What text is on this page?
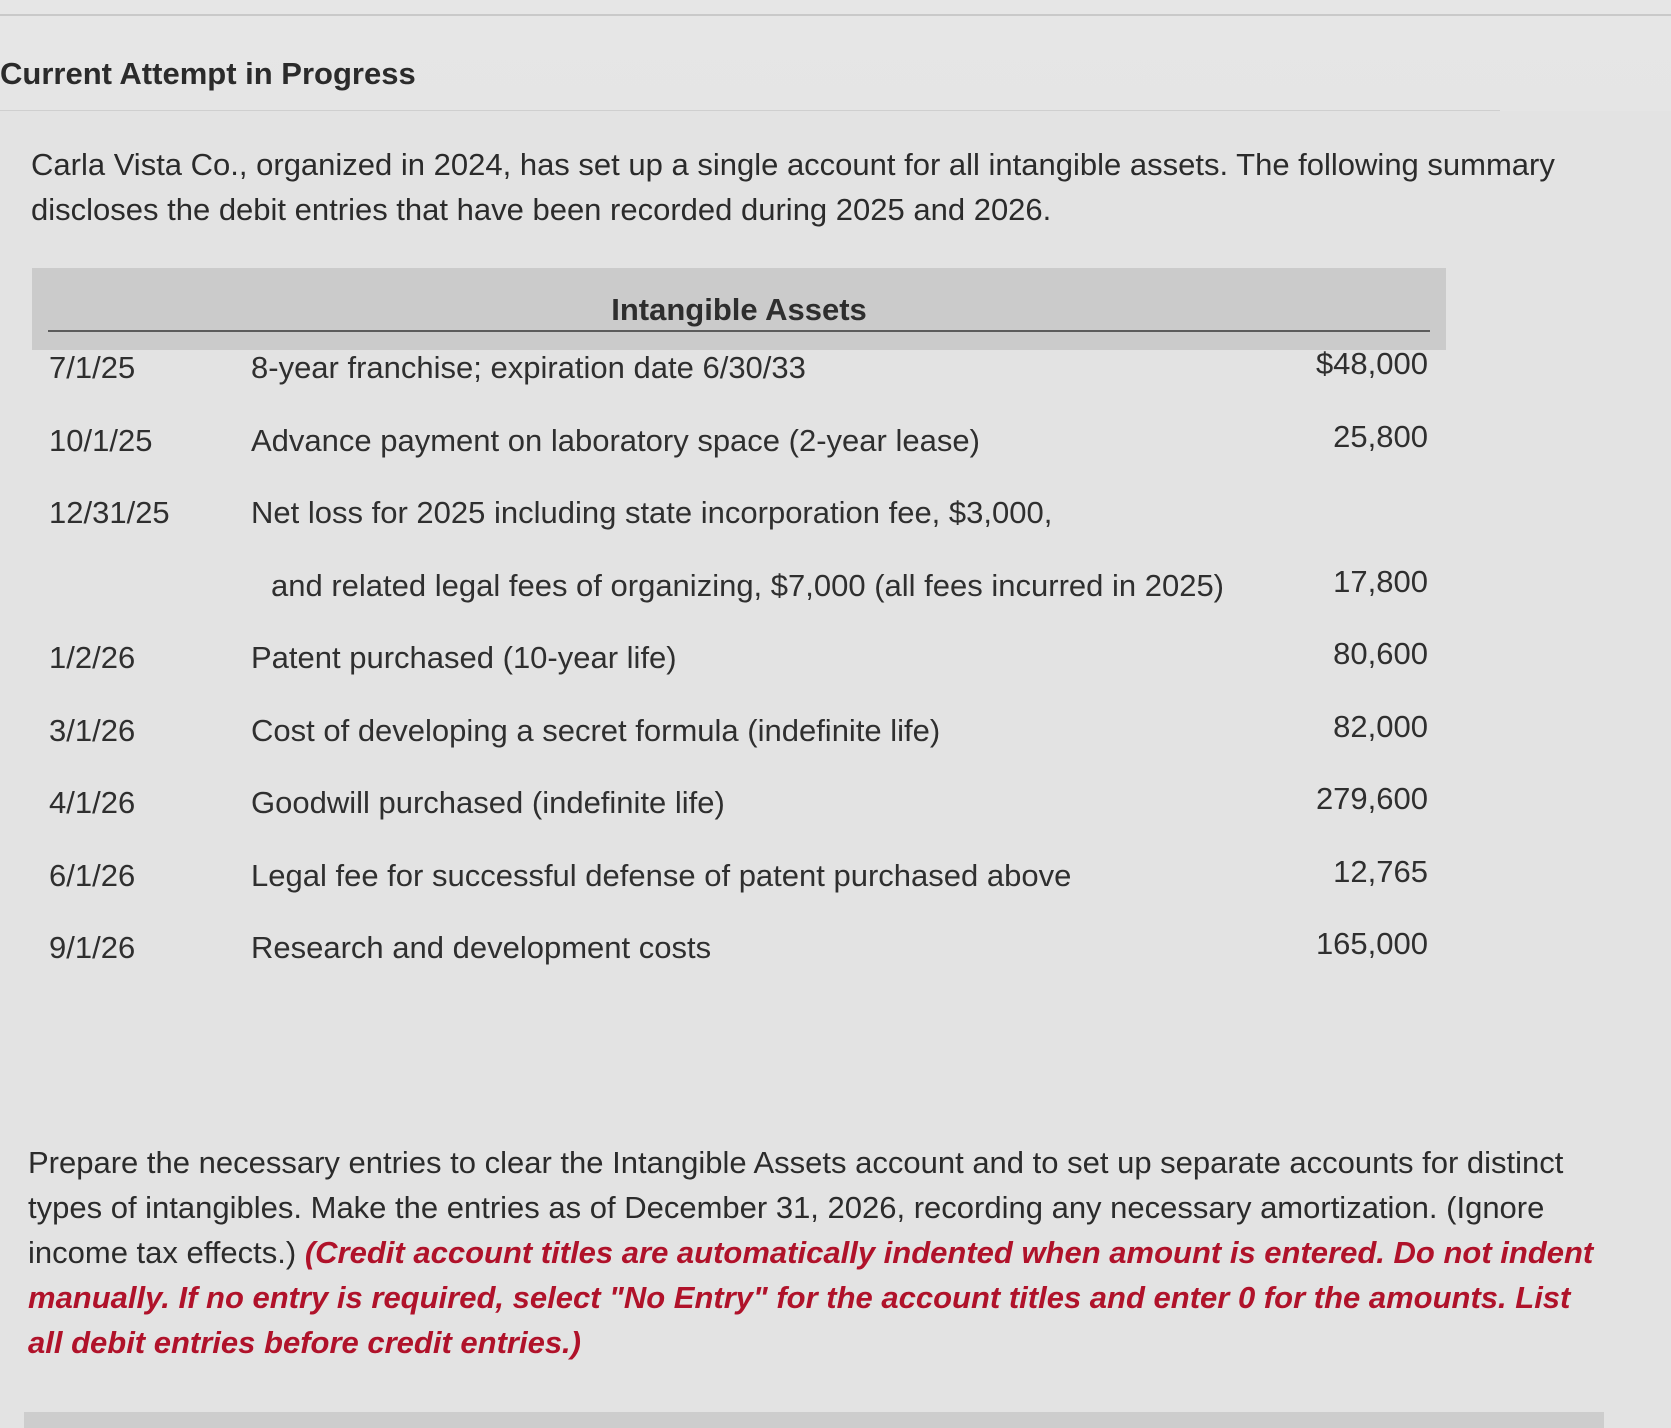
Current Attempt in Progress
Carla Vista Co., organized in 2024, has set up a single account for all intangible assets. The following summary discloses the debit entries that have been recorded during 2025 and 2026.
Intangible Assets
7/1/25	8-year franchise; expiration date 6/30/33	$48,000
10/1/25	Advance payment on laboratory space (2-year lease)	25,800
12/31/25	Net loss for 2025 including state incorporation fee, $3,000,
and related legal fees of organizing, $7,000 (all fees incurred in 2025)	17,800
1/2/26	Patent purchased (10-year life)	80,600
3/1/26	Cost of developing a secret formula (indefinite life)	82,000
4/1/26	Goodwill purchased (indefinite life)	279,600
6/1/26	Legal fee for successful defense of patent purchased above	12,765
9/1/26	Research and development costs	165,000
Prepare the necessary entries to clear the Intangible Assets account and to set up separate accounts for distinct types of intangibles. Make the entries as of December 31, 2026, recording any necessary amortization. (Ignore income tax effects.) (Credit account titles are automatically indented when amount is entered. Do not indent manually. If no entry is required, select "No Entry" for the account titles and enter 0 for the amounts. List all debit entries before credit entries.)
